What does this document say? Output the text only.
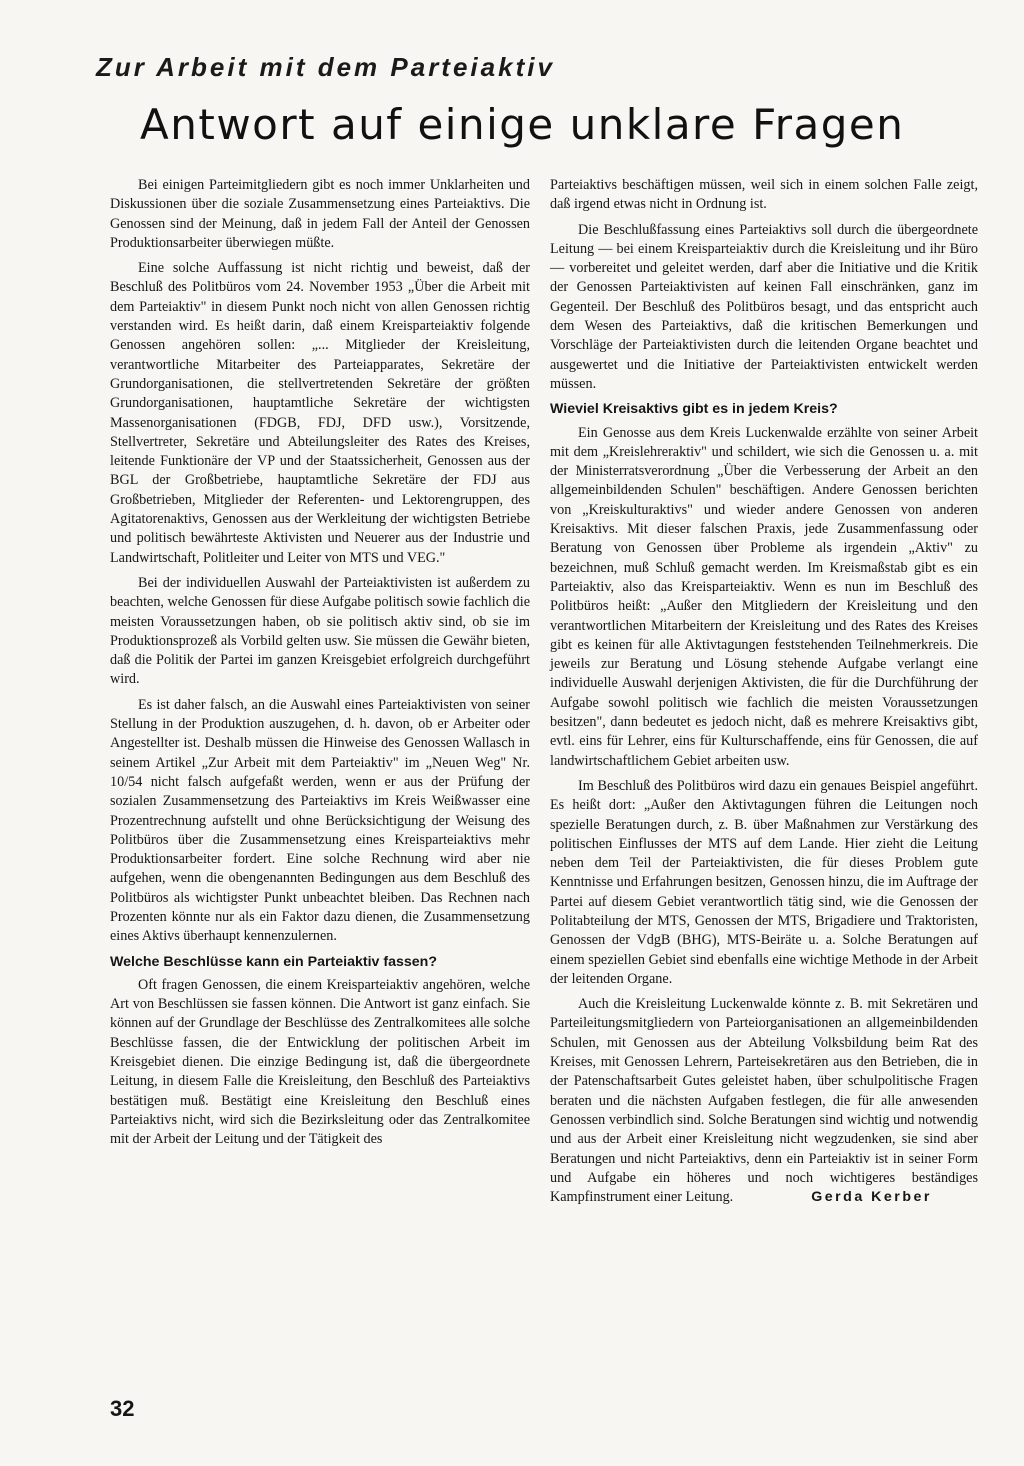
Zur Arbeit mit dem Parteiaktiv
Antwort auf einige unklare Fragen

Bei einigen Parteimitgliedern gibt es noch immer Unklarheiten und Diskussionen über die soziale Zusammensetzung eines Parteiaktivs. Die Genossen sind der Meinung, daß in jedem Fall der Anteil der Genossen Produktionsarbeiter überwiegen müßte.

Eine solche Auffassung ist nicht richtig und beweist, daß der Beschluß des Politbüros vom 24. November 1953 „Über die Arbeit mit dem Parteiaktiv" in diesem Punkt noch nicht von allen Genossen richtig verstanden wird. Es heißt darin, daß einem Kreisparteiaktiv folgende Genossen angehören sollen: „... Mitglieder der Kreisleitung, verantwortliche Mitarbeiter des Parteiapparates, Sekretäre der Grundorganisationen, die stellvertretenden Sekretäre der größten Grundorganisationen, hauptamtliche Sekretäre der wichtigsten Massenorganisationen (FDGB, FDJ, DFD usw.), Vorsitzende, Stellvertreter, Sekretäre und Abteilungsleiter des Rates des Kreises, leitende Funktionäre der VP und der Staatssicherheit, Genossen aus der BGL der Großbetriebe, hauptamtliche Sekretäre der FDJ aus Großbetrieben, Mitglieder der Referenten- und Lektorengruppen, des Agitatorenaktivs, Genossen aus der Werkleitung der wichtigsten Betriebe und politisch bewährteste Aktivisten und Neuerer aus der Industrie und Landwirtschaft, Politleiter und Leiter von MTS und VEG."

Bei der individuellen Auswahl der Parteiaktivisten ist außerdem zu beachten, welche Genossen für diese Aufgabe politisch sowie fachlich die meisten Voraussetzungen haben, ob sie politisch aktiv sind, ob sie im Produktionsprozeß als Vorbild gelten usw. Sie müssen die Gewähr bieten, daß die Politik der Partei im ganzen Kreisgebiet erfolgreich durchgeführt wird.

Es ist daher falsch, an die Auswahl eines Parteiaktivisten von seiner Stellung in der Produktion auszugehen, d. h. davon, ob er Arbeiter oder Angestellter ist. Deshalb müssen die Hinweise des Genossen Wallasch in seinem Artikel „Zur Arbeit mit dem Parteiaktiv" im „Neuen Weg" Nr. 10/54 nicht falsch aufgefaßt werden, wenn er aus der Prüfung der sozialen Zusammensetzung des Parteiaktivs im Kreis Weißwasser eine Prozentrechnung aufstellt und ohne Berücksichtigung der Weisung des Politbüros über die Zusammensetzung eines Kreisparteiaktivs mehr Produktionsarbeiter fordert. Eine solche Rechnung wird aber nie aufgehen, wenn die obengenannten Bedingungen aus dem Beschluß des Politbüros als wichtigster Punkt unbeachtet bleiben. Das Rechnen nach Prozenten könnte nur als ein Faktor dazu dienen, die Zusammensetzung eines Aktivs überhaupt kennenzulernen.

Welche Beschlüsse kann ein Parteiaktiv fassen?

Oft fragen Genossen, die einem Kreisparteiaktiv angehören, welche Art von Beschlüssen sie fassen können. Die Antwort ist ganz einfach. Sie können auf der Grundlage der Beschlüsse des Zentralkomitees alle solche Beschlüsse fassen, die der Entwicklung der politischen Arbeit im Kreisgebiet dienen. Die einzige Bedingung ist, daß die übergeordnete Leitung, in diesem Falle die Kreisleitung, den Beschluß des Parteiaktivs bestätigen muß. Bestätigt eine Kreisleitung den Beschluß eines Parteiaktivs nicht, wird sich die Bezirksleitung oder das Zentralkomitee mit der Arbeit der Leitung und der Tätigkeit des

Parteiaktivs beschäftigen müssen, weil sich in einem solchen Falle zeigt, daß irgend etwas nicht in Ordnung ist.

Die Beschlußfassung eines Parteiaktivs soll durch die übergeordnete Leitung — bei einem Kreisparteiaktiv durch die Kreisleitung und ihr Büro — vorbereitet und geleitet werden, darf aber die Initiative und die Kritik der Genossen Parteiaktivisten auf keinen Fall einschränken, ganz im Gegenteil. Der Beschluß des Politbüros besagt, und das entspricht auch dem Wesen des Parteiaktivs, daß die kritischen Bemerkungen und Vorschläge der Parteiaktivisten durch die leitenden Organe beachtet und ausgewertet und die Initiative der Parteiaktivisten entwickelt werden müssen.

Wieviel Kreisaktivs gibt es in jedem Kreis?

Ein Genosse aus dem Kreis Luckenwalde erzählte von seiner Arbeit mit dem „Kreislehreraktiv" und schildert, wie sich die Genossen u. a. mit der Ministerratsverordnung „Über die Verbesserung der Arbeit an den allgemeinbildenden Schulen" beschäftigen. Andere Genossen berichten von „Kreiskulturaktivs" und wieder andere Genossen von anderen Kreisaktivs. Mit dieser falschen Praxis, jede Zusammenfassung oder Beratung von Genossen über Probleme als irgendein „Aktiv" zu bezeichnen, muß Schluß gemacht werden. Im Kreismaßstab gibt es ein Parteiaktiv, also das Kreisparteiaktiv. Wenn es nun im Beschluß des Politbüros heißt: „Außer den Mitgliedern der Kreisleitung und den verantwortlichen Mitarbeitern der Kreisleitung und des Rates des Kreises gibt es keinen für alle Aktivtagungen feststehenden Teilnehmerkreis. Die jeweils zur Beratung und Lösung stehende Aufgabe verlangt eine individuelle Auswahl derjenigen Aktivisten, die für die Durchführung der Aufgabe sowohl politisch wie fachlich die meisten Voraussetzungen besitzen", dann bedeutet es jedoch nicht, daß es mehrere Kreisaktivs gibt, evtl. eins für Lehrer, eins für Kulturschaffende, eins für Genossen, die auf landwirtschaftlichem Gebiet arbeiten usw.

Im Beschluß des Politbüros wird dazu ein genaues Beispiel angeführt. Es heißt dort: „Außer den Aktivtagungen führen die Leitungen noch spezielle Beratungen durch, z. B. über Maßnahmen zur Verstärkung des politischen Einflusses der MTS auf dem Lande. Hier zieht die Leitung neben dem Teil der Parteiaktivisten, die für dieses Problem gute Kenntnisse und Erfahrungen besitzen, Genossen hinzu, die im Auftrage der Partei auf diesem Gebiet verantwortlich tätig sind, wie die Genossen der Politabteilung der MTS, Genossen der MTS, Brigadiere und Traktoristen, Genossen der VdgB (BHG), MTS-Beiräte u. a. Solche Beratungen auf einem speziellen Gebiet sind ebenfalls eine wichtige Methode in der Arbeit der leitenden Organe.

Auch die Kreisleitung Luckenwalde könnte z. B. mit Sekretären und Parteileitungsmitgliedern von Parteiorganisationen an allgemeinbildenden Schulen, mit Genossen aus der Abteilung Volksbildung beim Rat des Kreises, mit Genossen Lehrern, Parteisekretären aus den Betrieben, die in der Patenschaftsarbeit Gutes geleistet haben, über schulpolitische Fragen beraten und die nächsten Aufgaben festlegen, die für alle anwesenden Genossen verbindlich sind. Solche Beratungen sind wichtig und notwendig und aus der Arbeit einer Kreisleitung nicht wegzudenken, sie sind aber Beratungen und nicht Parteiaktivs, denn ein Parteiaktiv ist in seiner Form und Aufgabe ein höheres und noch wichtigeres beständiges Kampfinstrument einer Leitung.	Gerda Kerber

32
